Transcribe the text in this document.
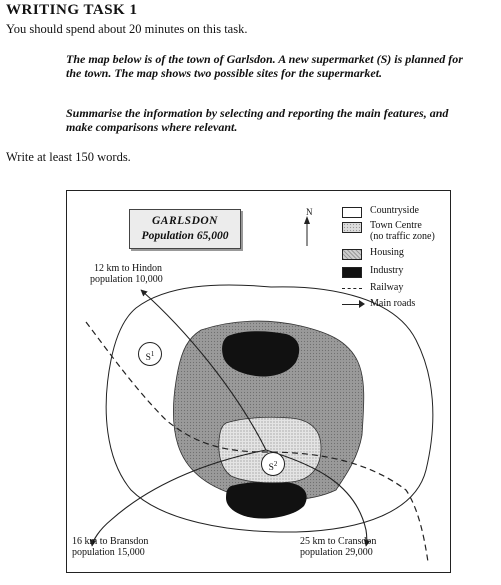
WRITING TASK 1
You should spend about 20 minutes on this task.
The map below is of the town of Garlsdon. A new supermarket (S) is planned for the town. The map shows two possible sites for the supermarket.
Summarise the information by selecting and reporting the main features, and make comparisons where relevant.
Write at least 150 words.
GARLSDON
Population 65,000
N
12 km to Hindon
population 10,000
16 km to Bransdon
population 15,000
25 km to Cransdon
population 29,000
$S^1$
$S^2$
Countryside
Town Centre
(no traffic zone)
Housing
Industry
Railway
Main roads
